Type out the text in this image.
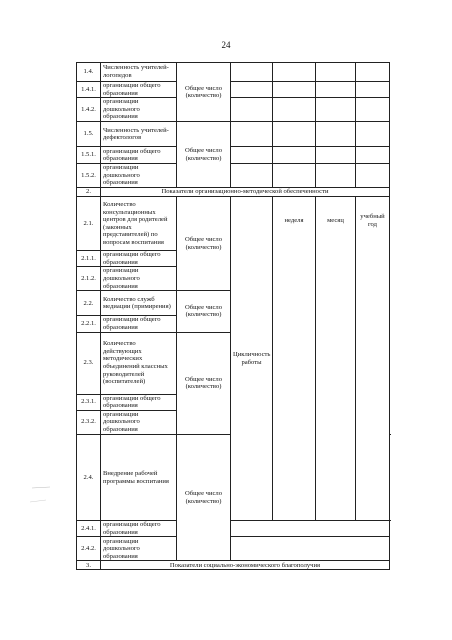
24
1.4.	Численность учителей-логопедов	Общее число (количество)					
1.4.1.	организации общего образования						
1.4.2.	организации дошкольного образования						
1.5.	Численность учителей-дефектологов	Общее число (количество)					
1.5.1.	организации общего образования						
1.5.2.	организации дошкольного образования						
2.	Показатели организационно-методической обеспеченности						
2.1.	Количество консультационных центров для родителей (законных представителей) по вопросам воспитания	Общее число (количество)	Цикличность работы	неделя	месяц	учебный год	
2.1.1.	организации общего образования						
2.1.2.	организации дошкольного образования						
2.2.	Количество служб медиации (примирения)	Общее число (количество)					
2.2.1.	организации общего образования						
2.3.	Количество действующих методических объединений классных руководителей (воспитателей)	Общее число (количество)					
2.3.1.	организации общего образования						
2.3.2.	организации дошкольного образования						
2.4.	Внедрение рабочей программы воспитания	Общее число (количество)	
2.4.1.	организации общего образования						
2.4.2.	организации дошкольного образования						
3.	Показатели социально-экономического благополучия						
